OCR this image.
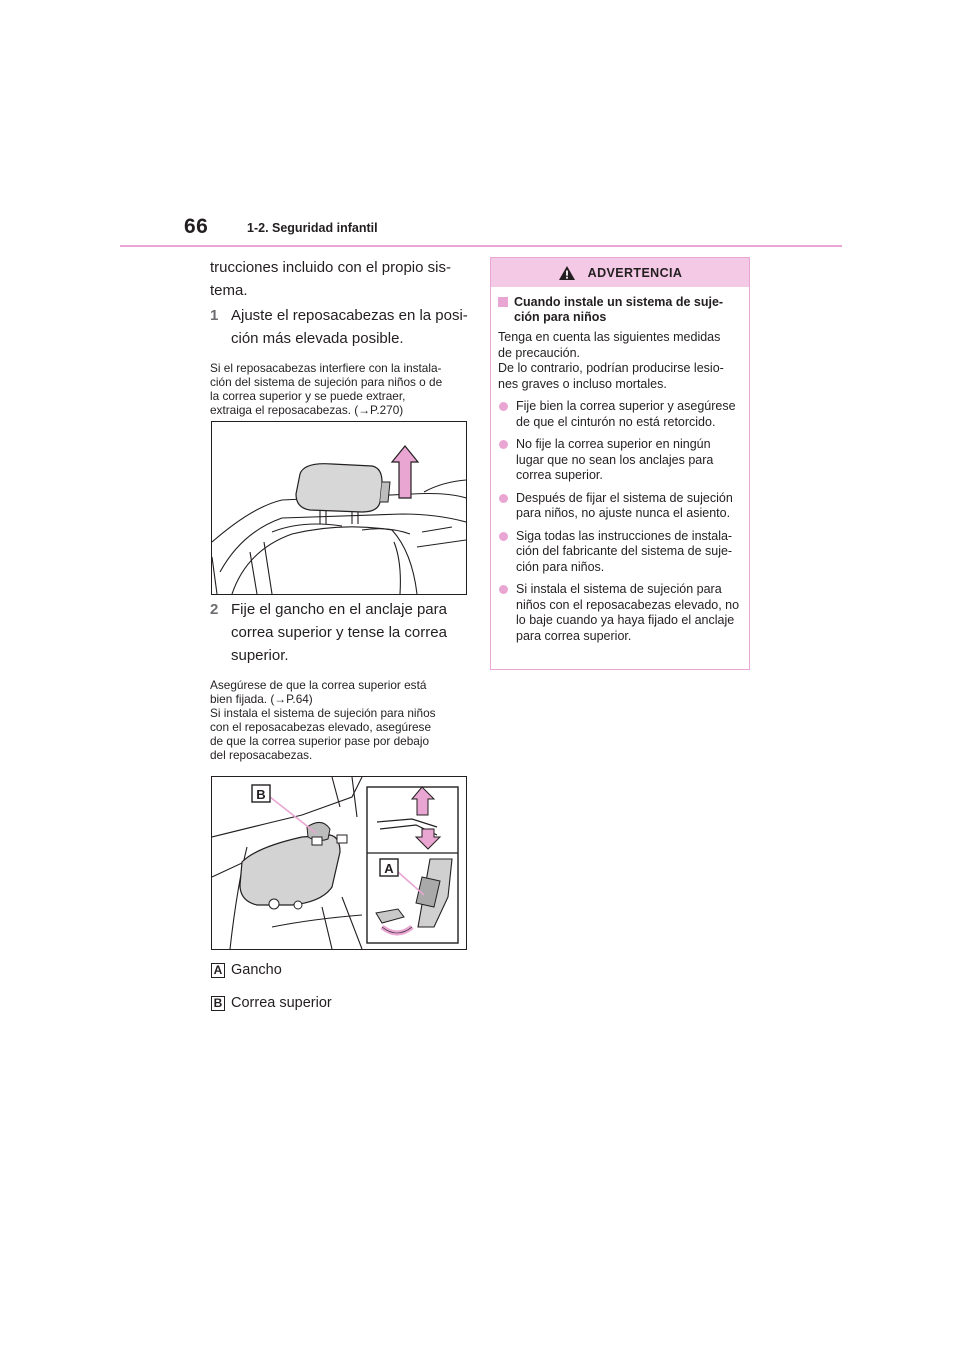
66	1-2. Seguridad infantil

trucciones incluido con el propio sis-
tema.

1 Ajuste el reposacabezas en la posi-
ción más elevada posible.

Si el reposacabezas interfiere con la instala-
ción del sistema de sujeción para niños o de
la correa superior y se puede extraer,
extraiga el reposacabezas. (→P.270)

2 Fije el gancho en el anclaje para
correa superior y tense la correa
superior.

Asegúrese de que la correa superior está
bien fijada. (→P.64)
Si instala el sistema de sujeción para niños
con el reposacabezas elevado, asegúrese
de que la correa superior pase por debajo
del reposacabezas.

B
A
A Gancho
B Correa superior
ADVERTENCIA
Cuando instale un sistema de suje-
ción para niños

Tenga en cuenta las siguientes medidas
de precaución.
De lo contrario, podrían producirse lesio-
nes graves o incluso mortales.

Fije bien la correa superior y asegúrese
de que el cinturón no está retorcido.
No fije la correa superior en ningún
lugar que no sean los anclajes para
correa superior.
Después de fijar el sistema de sujeción
para niños, no ajuste nunca el asiento.
Siga todas las instrucciones de instala-
ción del fabricante del sistema de suje-
ción para niños.
Si instala el sistema de sujeción para
niños con el reposacabezas elevado, no
lo baje cuando ya haya fijado el anclaje
para correa superior.
